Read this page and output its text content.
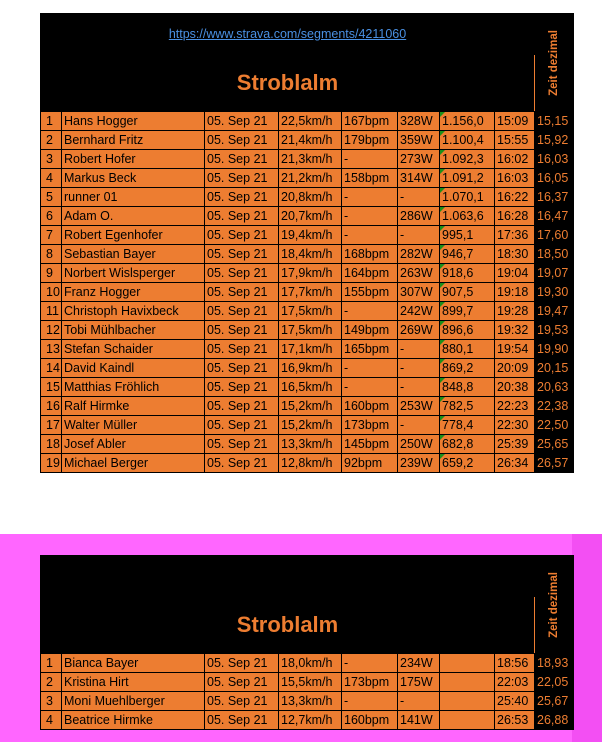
https://www.strava.com/segments/4211060								Zeit dezimal

Stroblalm								
1	Hans Hogger	05. Sep 21	22,5km/h	167bpm	328W	1.156,0	15:09	15,15
2	Bernhard Fritz	05. Sep 21	21,4km/h	179bpm	359W	1.100,4	15:55	15,92
3	Robert Hofer	05. Sep 21	21,3km/h	-	273W	1.092,3	16:02	16,03
4	Markus Beck	05. Sep 21	21,2km/h	158bpm	314W	1.091,2	16:03	16,05
5	runner 01	05. Sep 21	20,8km/h	-	-	1.070,1	16:22	16,37
6	Adam O.	05. Sep 21	20,7km/h	-	286W	1.063,6	16:28	16,47
7	Robert Egenhofer	05. Sep 21	19,4km/h	-	-	995,1	17:36	17,60
8	Sebastian Bayer	05. Sep 21	18,4km/h	168bpm	282W	946,7	18:30	18,50
9	Norbert Wislsperger	05. Sep 21	17,9km/h	164bpm	263W	918,6	19:04	19,07
10	Franz Hogger	05. Sep 21	17,7km/h	155bpm	307W	907,5	19:18	19,30
11	Christoph Havixbeck	05. Sep 21	17,5km/h	-	242W	899,7	19:28	19,47
12	Tobi Mühlbacher	05. Sep 21	17,5km/h	149bpm	269W	896,6	19:32	19,53
13	Stefan Schaider	05. Sep 21	17,1km/h	165bpm	-	880,1	19:54	19,90
14	David Kaindl	05. Sep 21	16,9km/h	-	-	869,2	20:09	20,15
15	Matthias Fröhlich	05. Sep 21	16,5km/h	-	-	848,8	20:38	20,63
16	Ralf Hirmke	05. Sep 21	15,2km/h	160bpm	253W	782,5	22:23	22,38
17	Walter Müller	05. Sep 21	15,2km/h	173bpm	-	778,4	22:30	22,50
18	Josef Abler	05. Sep 21	13,3km/h	145bpm	250W	682,8	25:39	25,65
19	Michael Berger	05. Sep 21	12,8km/h	92bpm	239W	659,2	26:34	26,57

								Zeit dezimal

Stroblalm								
1	Bianca Bayer	05. Sep 21	18,0km/h	-	234W		18:56	18,93
2	Kristina Hirt	05. Sep 21	15,5km/h	173bpm	175W		22:03	22,05
3	Moni Muehlberger	05. Sep 21	13,3km/h	-	-		25:40	25,67
4	Beatrice Hirmke	05. Sep 21	12,7km/h	160bpm	141W		26:53	26,88
